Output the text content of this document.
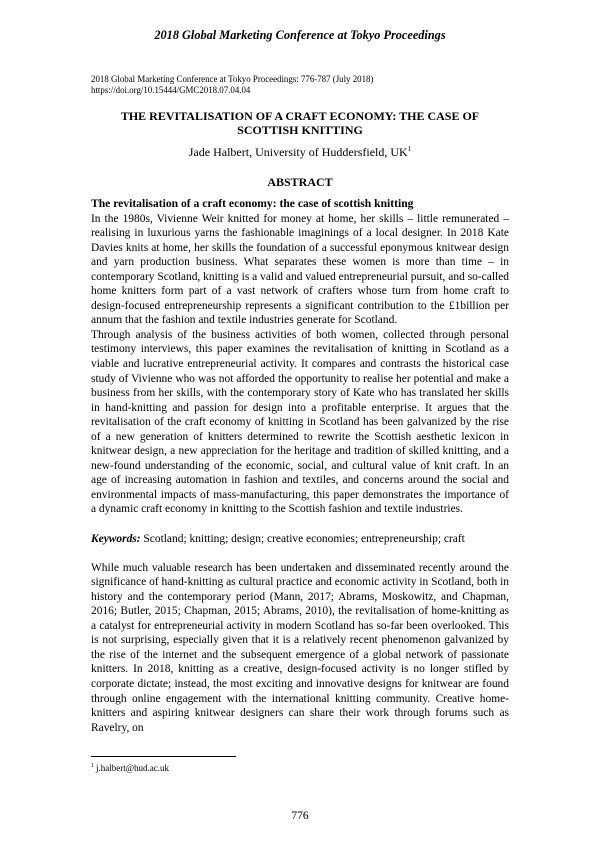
2018 Global Marketing Conference at Tokyo Proceedings
2018 Global Marketing Conference at Tokyo Proceedings: 776-787 (July 2018)
https://doi.org/10.15444/GMC2018.07.04.04
THE REVITALISATION OF A CRAFT ECONOMY: THE CASE OF
SCOTTISH KNITTING
Jade Halbert, University of Huddersfield, $UK^1$
ABSTRACT

The revitalisation of a craft economy: the case of scottish knitting

In the 1980s, Vivienne Weir knitted for money at home, her skills – little remunerated – realising in luxurious yarns the fashionable imaginings of a local designer. In 2018 Kate Davies knits at home, her skills the foundation of a successful eponymous knitwear design and yarn production business. What separates these women is more than time – in contemporary Scotland, knitting is a valid and valued entrepreneurial pursuit, and so-called home knitters form part of a vast network of crafters whose turn from home craft to design-focused entrepreneurship represents a significant contribution to the £1billion per annum that the fashion and textile industries generate for Scotland.

Through analysis of the business activities of both women, collected through personal testimony interviews, this paper examines the revitalisation of knitting in Scotland as a viable and lucrative entrepreneurial activity. It compares and contrasts the historical case study of Vivienne who was not afforded the opportunity to realise her potential and make a business from her skills, with the contemporary story of Kate who has translated her skills in hand-knitting and passion for design into a profitable enterprise. It argues that the revitalisation of the craft economy of knitting in Scotland has been galvanized by the rise of a new generation of knitters determined to rewrite the Scottish aesthetic lexicon in knitwear design, a new appreciation for the heritage and tradition of skilled knitting, and a new-found understanding of the economic, social, and cultural value of knit craft. In an age of increasing automation in fashion and textiles, and concerns around the social and environmental impacts of mass-manufacturing, this paper demonstrates the importance of a dynamic craft economy in knitting to the Scottish fashion and textile industries.

Keywords: Scotland; knitting; design; creative economies; entrepreneurship; craft

While much valuable research has been undertaken and disseminated recently around the significance of hand-knitting as cultural practice and economic activity in Scotland, both in history and the contemporary period (Mann, 2017; Abrams, Moskowitz, and Chapman, 2016; Butler, 2015; Chapman, 2015; Abrams, 2010), the revitalisation of home-knitting as a catalyst for entrepreneurial activity in modern Scotland has so-far been overlooked. This is not surprising, especially given that it is a relatively recent phenomenon galvanized by the rise of the internet and the subsequent emergence of a global network of passionate knitters. In 2018, knitting as a creative, design-focused activity is no longer stifled by corporate dictate; instead, the most exciting and innovative designs for knitwear are found through online engagement with the international knitting community. Creative home-knitters and aspiring knitwear designers can share their work through forums such as Ravelry, on

$^1$ j.halbert@hud.ac.uk
776
